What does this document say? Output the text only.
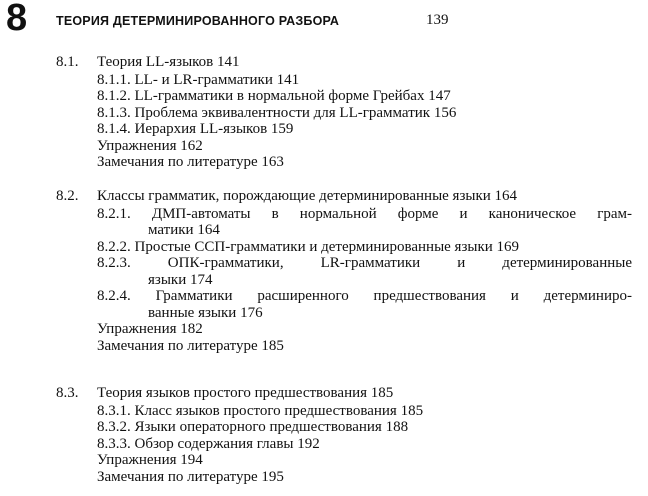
8 ТЕОРИЯ ДЕТЕРМИНИРОВАННОГО РАЗБОРА	139
8.1. Теория LL-языков 141
8.1.1. LL- и LR-грамматики 141
8.1.2. LL-грамматики в нормальной форме Грейбах 147
8.1.3. Проблема эквивалентности для LL-грамматик 156
8.1.4. Иерархия LL-языков 159
Упражнения 162
Замечания по литературе 163
8.2. Классы грамматик, порождающие детерминированные языки 164
8.2.1. ДМП-автоматы в нормальной форме и каноническое грам-
матики 164
8.2.2. Простые ССП-грамматики и детерминированные языки 169
8.2.3. ОПК-грамматики, LR-грамматики и детерминированные
языки 174
8.2.4. Грамматики расширенного предшествования и детерминиро-
ванные языки 176
Упражнения 182
Замечания по литературе 185
8.3. Теория языков простого предшествования 185
8.3.1. Класс языков простого предшествования 185
8.3.2. Языки операторного предшествования 188
8.3.3. Обзор содержания главы 192
Упражнения 194
Замечания по литературе 195
